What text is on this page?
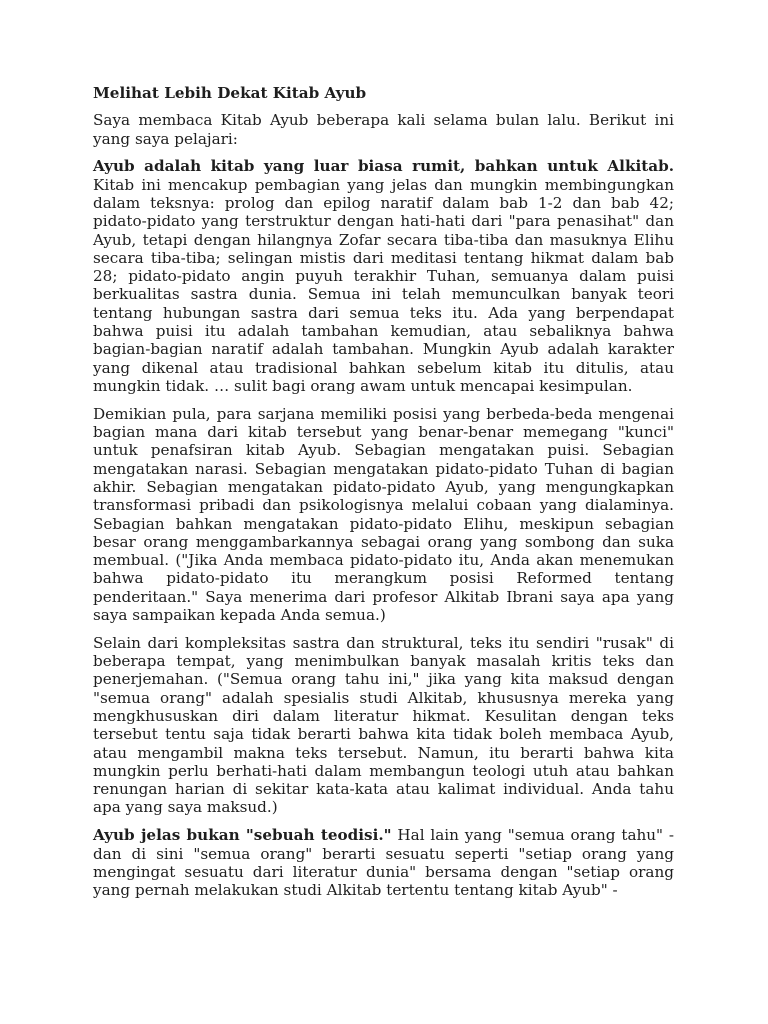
Melihat Lebih Dekat Kitab Ayub

Saya membaca Kitab Ayub beberapa kali selama bulan lalu. Berikut ini yang saya pelajari:

Ayub adalah kitab yang luar biasa rumit, bahkan untuk Alkitab. Kitab ini mencakup pembagian yang jelas dan mungkin membingungkan dalam teksnya: prolog dan epilog naratif dalam bab 1-2 dan bab 42; pidato-pidato yang terstruktur dengan hati-hati dari "para penasihat" dan Ayub, tetapi dengan hilangnya Zofar secara tiba-tiba dan masuknya Elihu secara tiba-tiba; selingan mistis dari meditasi tentang hikmat dalam bab 28; pidato-pidato angin puyuh terakhir Tuhan, semuanya dalam puisi berkualitas sastra dunia. Semua ini telah memunculkan banyak teori tentang hubungan sastra dari semua teks itu. Ada yang berpendapat bahwa puisi itu adalah tambahan kemudian, atau sebaliknya bahwa bagian-bagian naratif adalah tambahan. Mungkin Ayub adalah karakter yang dikenal atau tradisional bahkan sebelum kitab itu ditulis, atau mungkin tidak. … sulit bagi orang awam untuk mencapai kesimpulan.

Demikian pula, para sarjana memiliki posisi yang berbeda-beda mengenai bagian mana dari kitab tersebut yang benar-benar memegang "kunci" untuk penafsiran kitab Ayub. Sebagian mengatakan puisi. Sebagian mengatakan narasi. Sebagian mengatakan pidato-pidato Tuhan di bagian akhir. Sebagian mengatakan pidato-pidato Ayub, yang mengungkapkan transformasi pribadi dan psikologisnya melalui cobaan yang dialaminya. Sebagian bahkan mengatakan pidato-pidato Elihu, meskipun sebagian besar orang menggambarkannya sebagai orang yang sombong dan suka membual. ("Jika Anda membaca pidato-pidato itu, Anda akan menemukan bahwa pidato-pidato itu merangkum posisi Reformed tentang penderitaan." Saya menerima dari profesor Alkitab Ibrani saya apa yang saya sampaikan kepada Anda semua.)

Selain dari kompleksitas sastra dan struktural, teks itu sendiri "rusak" di beberapa tempat, yang menimbulkan banyak masalah kritis teks dan penerjemahan. ("Semua orang tahu ini," jika yang kita maksud dengan "semua orang" adalah spesialis studi Alkitab, khususnya mereka yang mengkhususkan diri dalam literatur hikmat. Kesulitan dengan teks tersebut tentu saja tidak berarti bahwa kita tidak boleh membaca Ayub, atau mengambil makna teks tersebut. Namun, itu berarti bahwa kita mungkin perlu berhati-hati dalam membangun teologi utuh atau bahkan renungan harian di sekitar kata-kata atau kalimat individual. Anda tahu apa yang saya maksud.)

Ayub jelas bukan "sebuah teodisi." Hal lain yang "semua orang tahu" - dan di sini "semua orang" berarti sesuatu seperti "setiap orang yang mengingat sesuatu dari literatur dunia" bersama dengan "setiap orang yang pernah melakukan studi Alkitab tertentu tentang kitab Ayub" -
